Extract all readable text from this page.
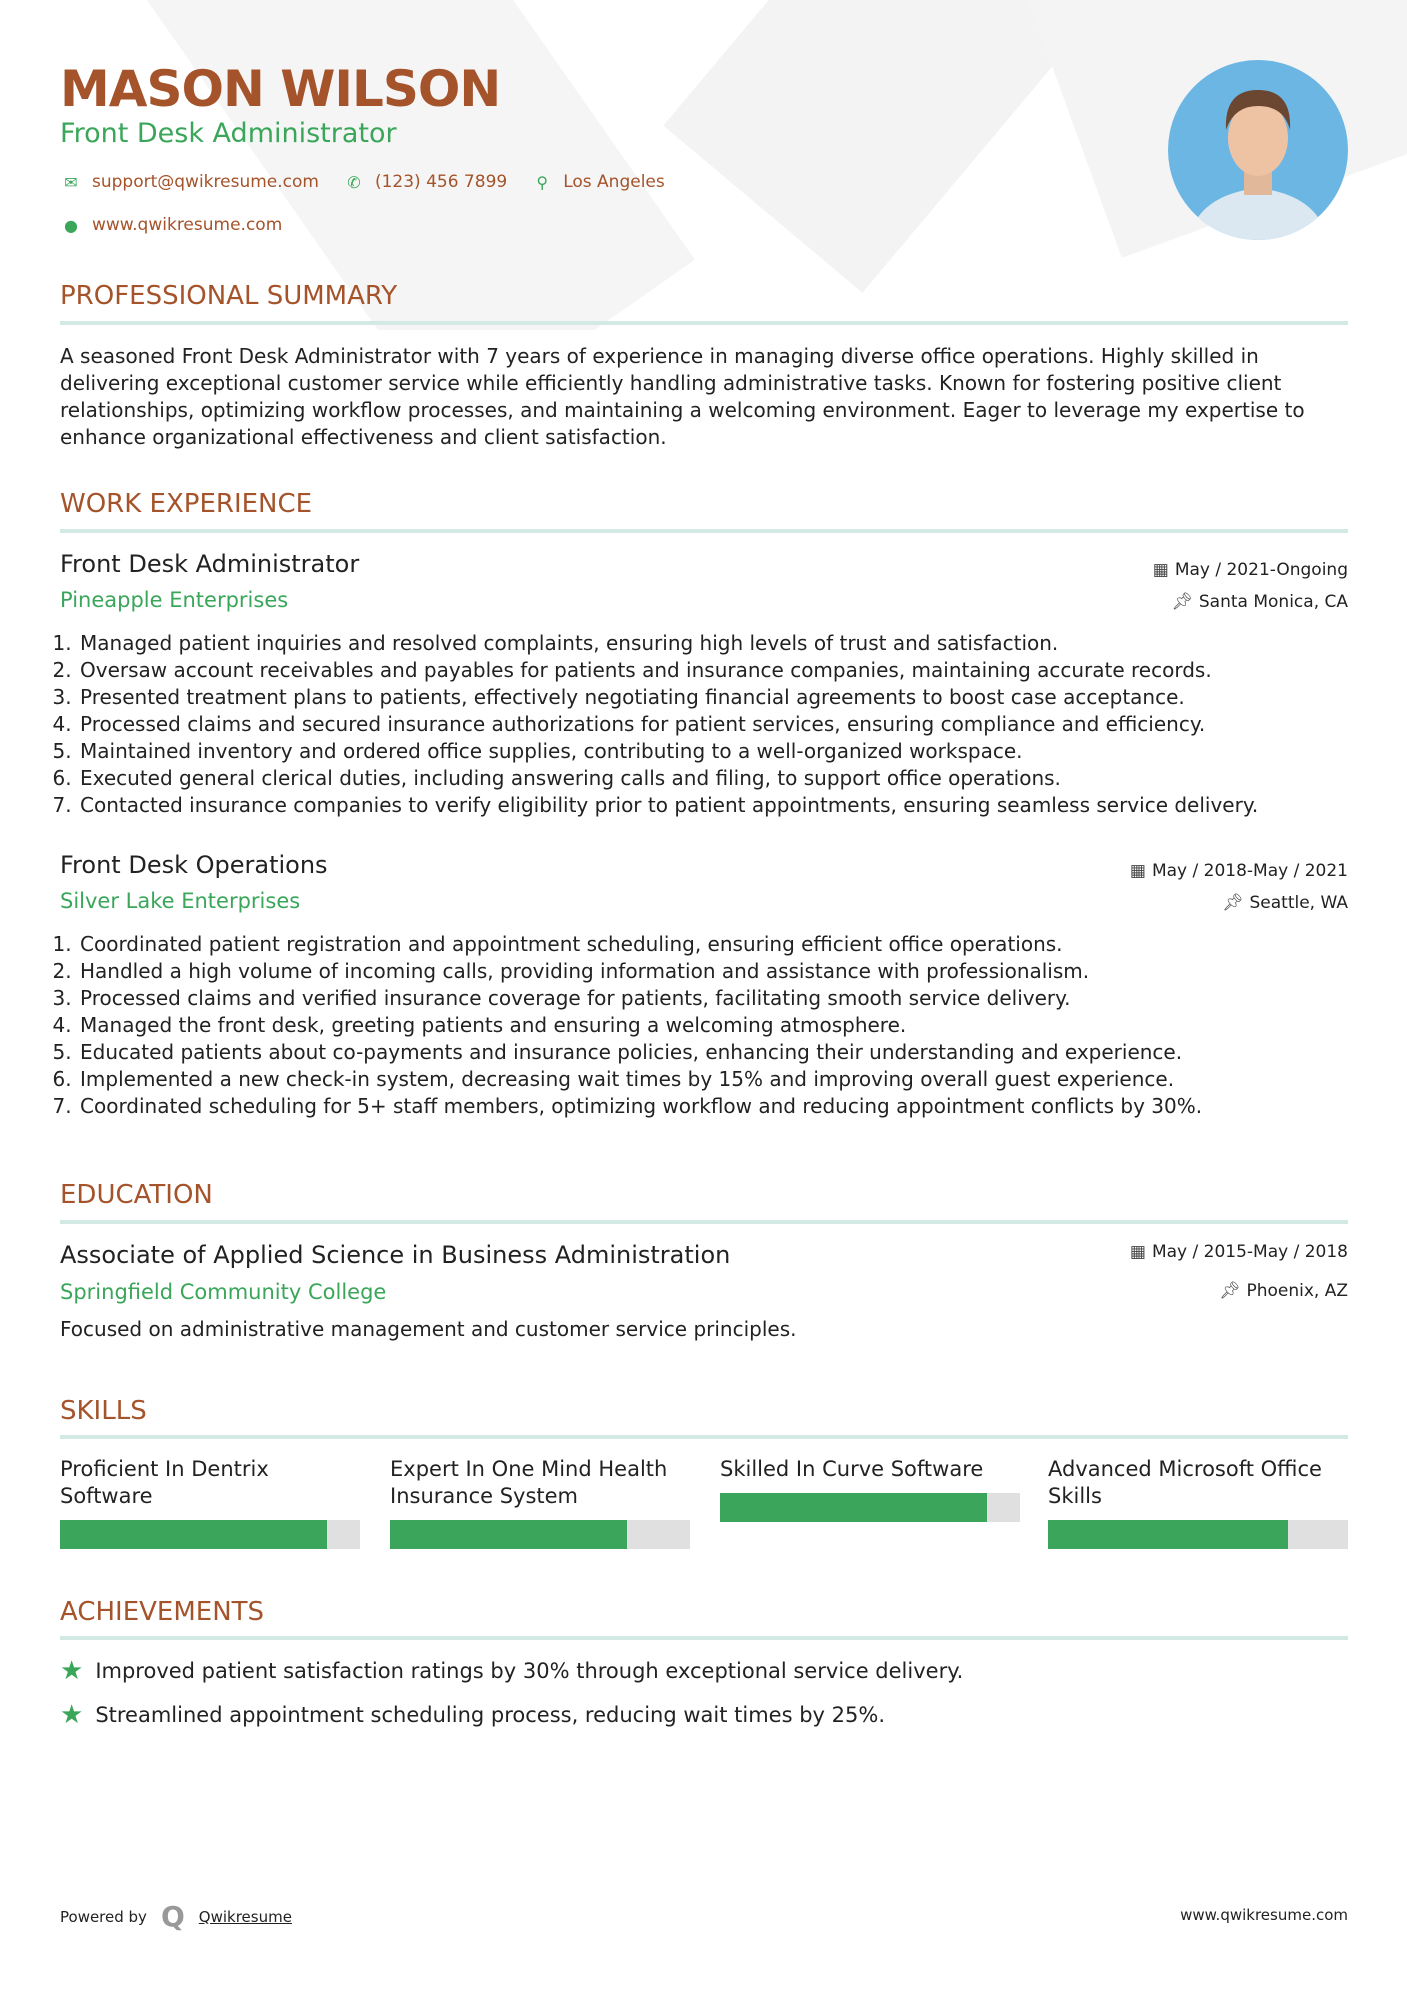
MASON WILSON
Front Desk Administrator
✉ support@qwikresume.com ✆ (123) 456 7899	⚲ Los Angeles
● www.qwikresume.com
PROFESSIONAL SUMMARY
A seasoned Front Desk Administrator with 7 years of experience in managing diverse office operations. Highly skilled in delivering exceptional customer service while efficiently handling administrative tasks. Known for fostering positive client relationships, optimizing workflow processes, and maintaining a welcoming environment. Eager to leverage my expertise to enhance organizational effectiveness and client satisfaction.
WORK EXPERIENCE
Front Desk Administrator
Pineapple Enterprises
▦ May / 2021-Ongoing
📌︎ Santa Monica, CA
1. Managed patient inquiries and resolved complaints, ensuring high levels of trust and satisfaction.
2. Oversaw account receivables and payables for patients and insurance companies, maintaining accurate records.
3. Presented treatment plans to patients, effectively negotiating financial agreements to boost case acceptance.
4. Processed claims and secured insurance authorizations for patient services, ensuring compliance and efficiency.
5. Maintained inventory and ordered office supplies, contributing to a well-organized workspace.
6. Executed general clerical duties, including answering calls and filing, to support office operations.
7. Contacted insurance companies to verify eligibility prior to patient appointments, ensuring seamless service delivery.
Front Desk Operations
Silver Lake Enterprises
▦ May / 2018-May / 2021
📌︎ Seattle, WA
1. Coordinated patient registration and appointment scheduling, ensuring efficient office operations.
2. Handled a high volume of incoming calls, providing information and assistance with professionalism.
3. Processed claims and verified insurance coverage for patients, facilitating smooth service delivery.
4. Managed the front desk, greeting patients and ensuring a welcoming atmosphere.
5. Educated patients about co-payments and insurance policies, enhancing their understanding and experience.
6. Implemented a new check-in system, decreasing wait times by 15% and improving overall guest experience.
7. Coordinated scheduling for 5+ staff members, optimizing workflow and reducing appointment conflicts by 30%.
EDUCATION
Associate of Applied Science in Business Administration
Springfield Community College
▦ May / 2015-May / 2018
📌︎ Phoenix, AZ
Focused on administrative management and customer service principles.
SKILLS
Proficient In Dentrix Software
Expert In One Mind Health Insurance System
Skilled In Curve Software	Advanced Microsoft Office Skills
ACHIEVEMENTS
★ Improved patient satisfaction ratings by 30% through exceptional service delivery.
★ Streamlined appointment scheduling process, reducing wait times by 25%.
Powered by Q Qwikresume	www.qwikresume.com
